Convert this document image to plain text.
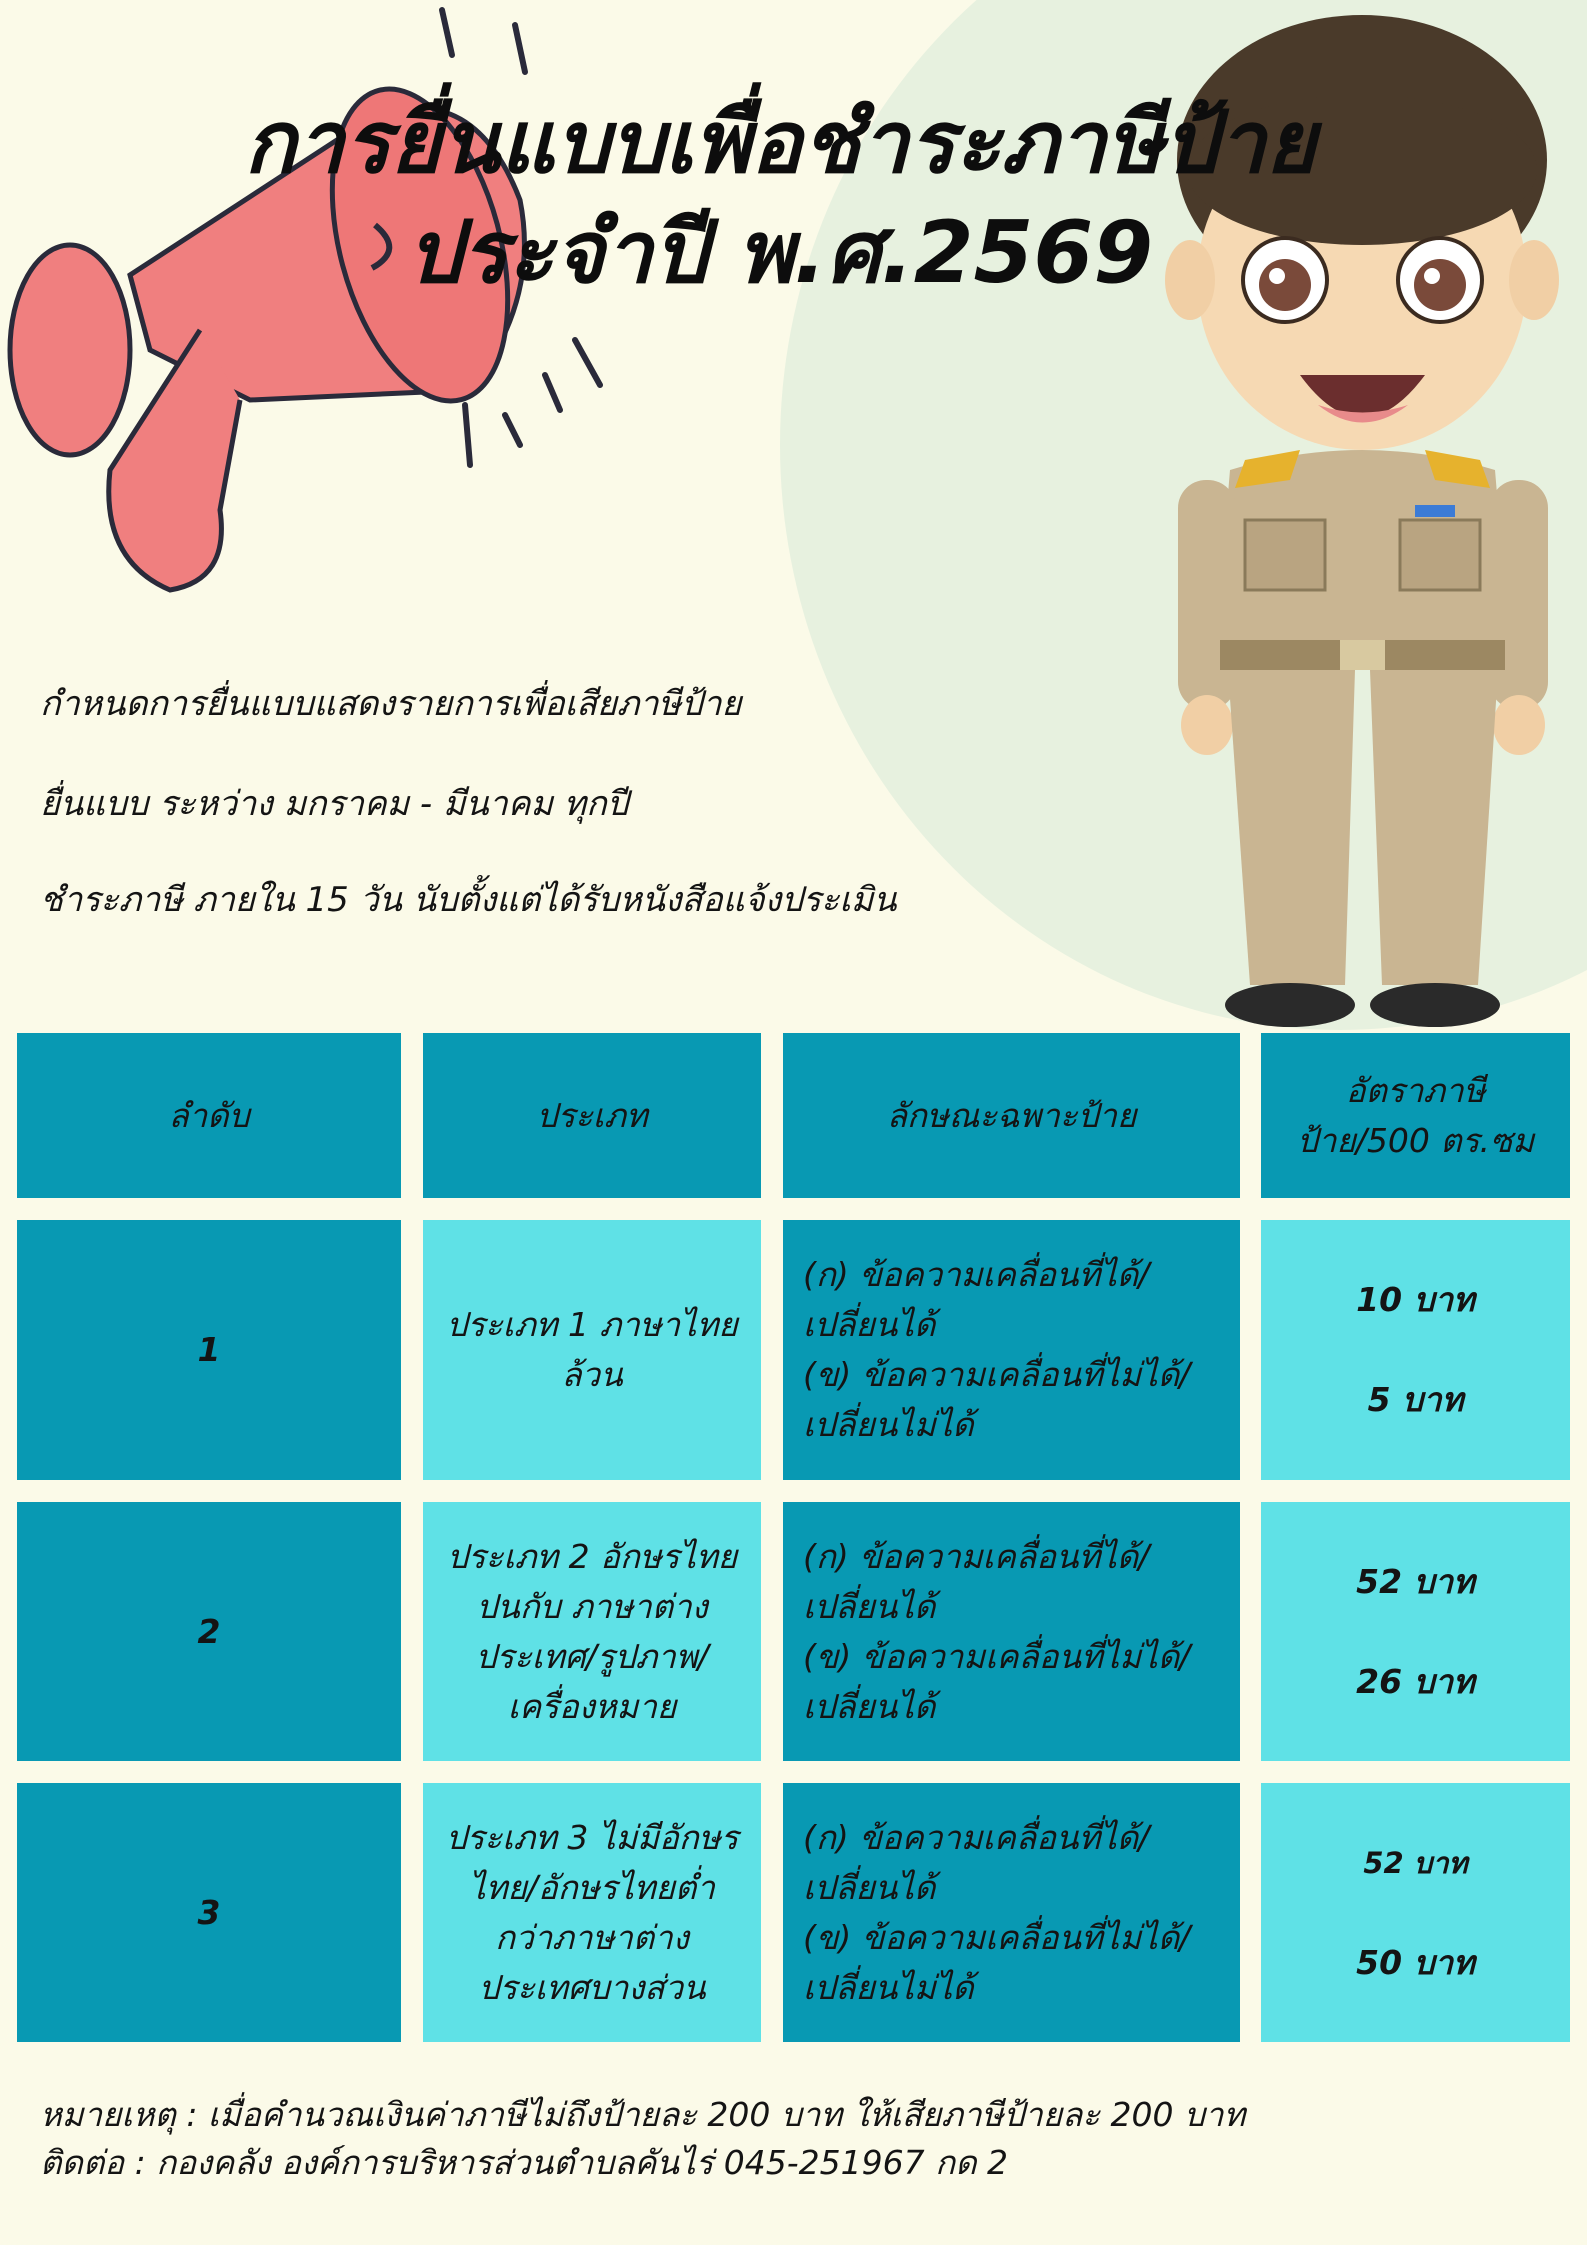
การยื่นแบบเพื่อชำระภาษีป้าย
ประจำปี พ.ศ.2569

กำหนดการยื่นแบบแสดงรายการเพื่อเสียภาษีป้าย

ยื่นแบบ ระหว่าง มกราคม - มีนาคม ทุกปี

ชำระภาษี ภายใน 15 วัน นับตั้งแต่ได้รับหนังสือแจ้งประเมิน

ลำดับ	ประเภท	ลักษณะฉพาะป้าย
อัตราภาษี
ป้าย/500 ตร.ซม
1
ประเภท 1 ภาษาไทย
ล้วน
(ก) ข้อความเคลื่อนที่ได้/
เปลี่ยนได้
(ข) ข้อความเคลื่อนที่ไม่ได้/
เปลี่ยนไม่ได้
10 บาท
5 บาท
2
ประเภท 2 อักษรไทย
ปนกับ ภาษาต่าง
ประเทศ/รูปภาพ/
เครื่องหมาย
(ก) ข้อความเคลื่อนที่ได้/
เปลี่ยนได้
(ข) ข้อความเคลื่อนที่ไม่ได้/
เปลี่ยนได้
52 บาท
26 บาท
3
ประเภท 3 ไม่มีอักษร
ไทย/อักษรไทยต่ำ
กว่าภาษาต่าง
ประเทศบางส่วน
(ก) ข้อความเคลื่อนที่ได้/
เปลี่ยนได้
(ข) ข้อความเคลื่อนที่ไม่ได้/
เปลี่ยนไม่ได้
52 บาท
50 บาท

หมายเหตุ : เมื่อคำนวณเงินค่าภาษีไม่ถึงป้ายละ 200 บาท ให้เสียภาษีป้ายละ 200 บาท

ติดต่อ : กองคลัง องค์การบริหารส่วนตำบลคันไร่ 045-251967 กด 2
